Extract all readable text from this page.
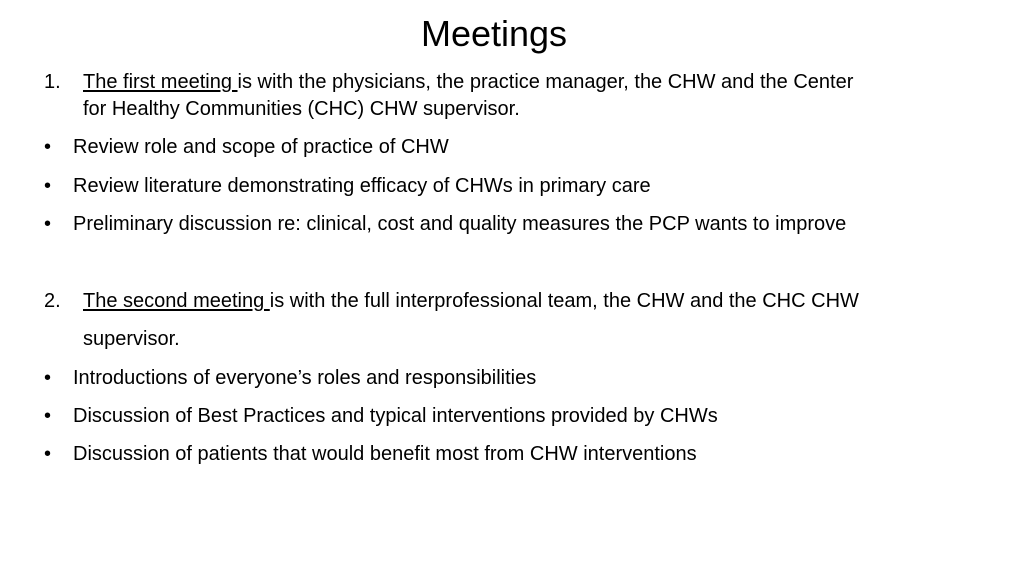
Meetings
1. The first meeting is with the physicians, the practice manager, the CHW and the Center
for Healthy Communities (CHC) CHW supervisor.
• Review role and scope of practice of CHW
• Review literature demonstrating efficacy of CHWs in primary care
• Preliminary discussion re: clinical, cost and quality measures the PCP wants to improve
2. The second meeting is with the full interprofessional team, the CHW and the CHC CHW
supervisor.
• Introductions of everyone’s roles and responsibilities
• Discussion of Best Practices and typical interventions provided by CHWs
• Discussion of patients that would benefit most from CHW interventions
